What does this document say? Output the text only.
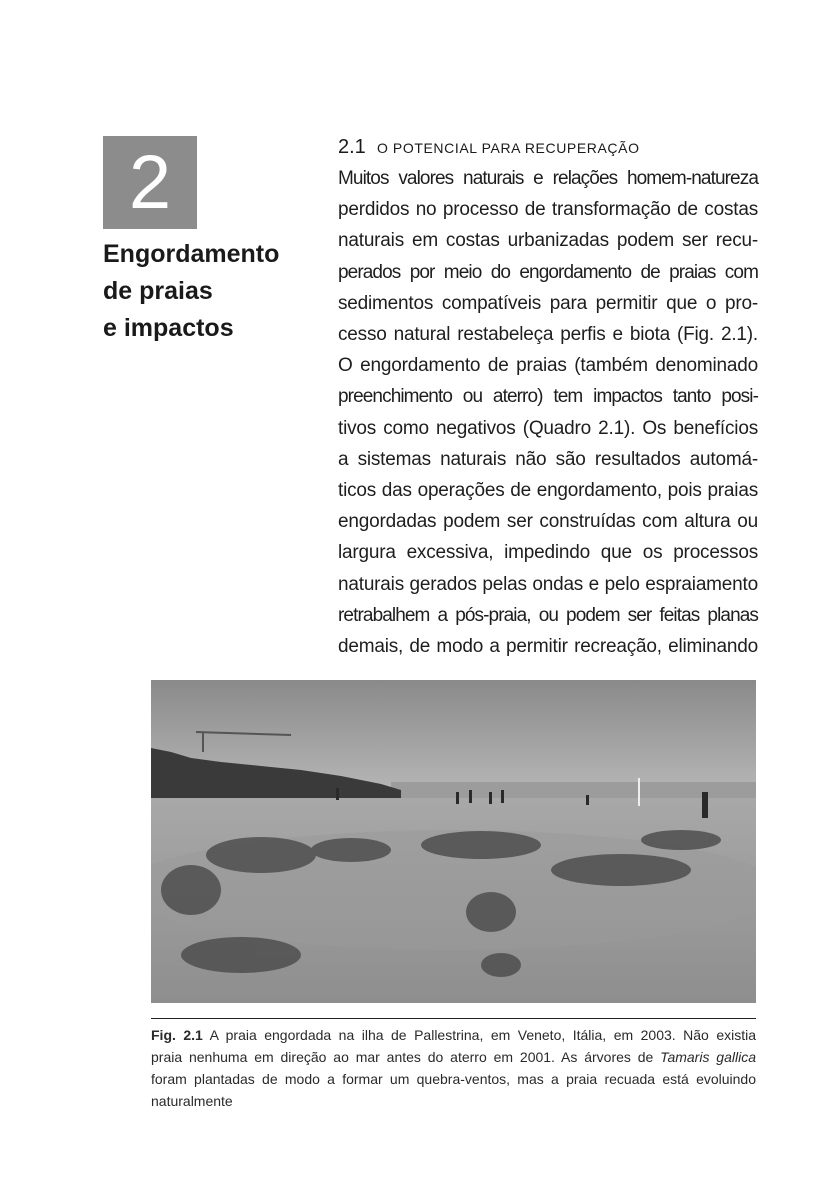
2
Engordamento
de praias
e impactos
2.1 O POTENCIAL PARA RECUPERAÇÃO
Muitos valores naturais e relações homem-natureza
perdidos no processo de transformação de costas
naturais em costas urbanizadas podem ser recu-
perados por meio do engordamento de praias com
sedimentos compatíveis para permitir que o pro-
cesso natural restabeleça perfis e biota (Fig. 2.1).
O engordamento de praias (também denominado
preenchimento ou aterro) tem impactos tanto posi-
tivos como negativos (Quadro 2.1). Os benefícios
a sistemas naturais não são resultados automá-
ticos das operações de engordamento, pois praias
engordadas podem ser construídas com altura ou
largura excessiva, impedindo que os processos
naturais gerados pelas ondas e pelo espraiamento
retrabalhem a pós-praia, ou podem ser feitas planas
demais, de modo a permitir recreação, eliminando
Fig. 2.1 A praia engordada na ilha de Pallestrina, em Veneto, Itália, em 2003. Não existia
praia nenhuma em direção ao mar antes do aterro em 2001. As árvores de Tamaris gallica
foram plantadas de modo a formar um quebra-ventos, mas a praia recuada está evoluindo
naturalmente
